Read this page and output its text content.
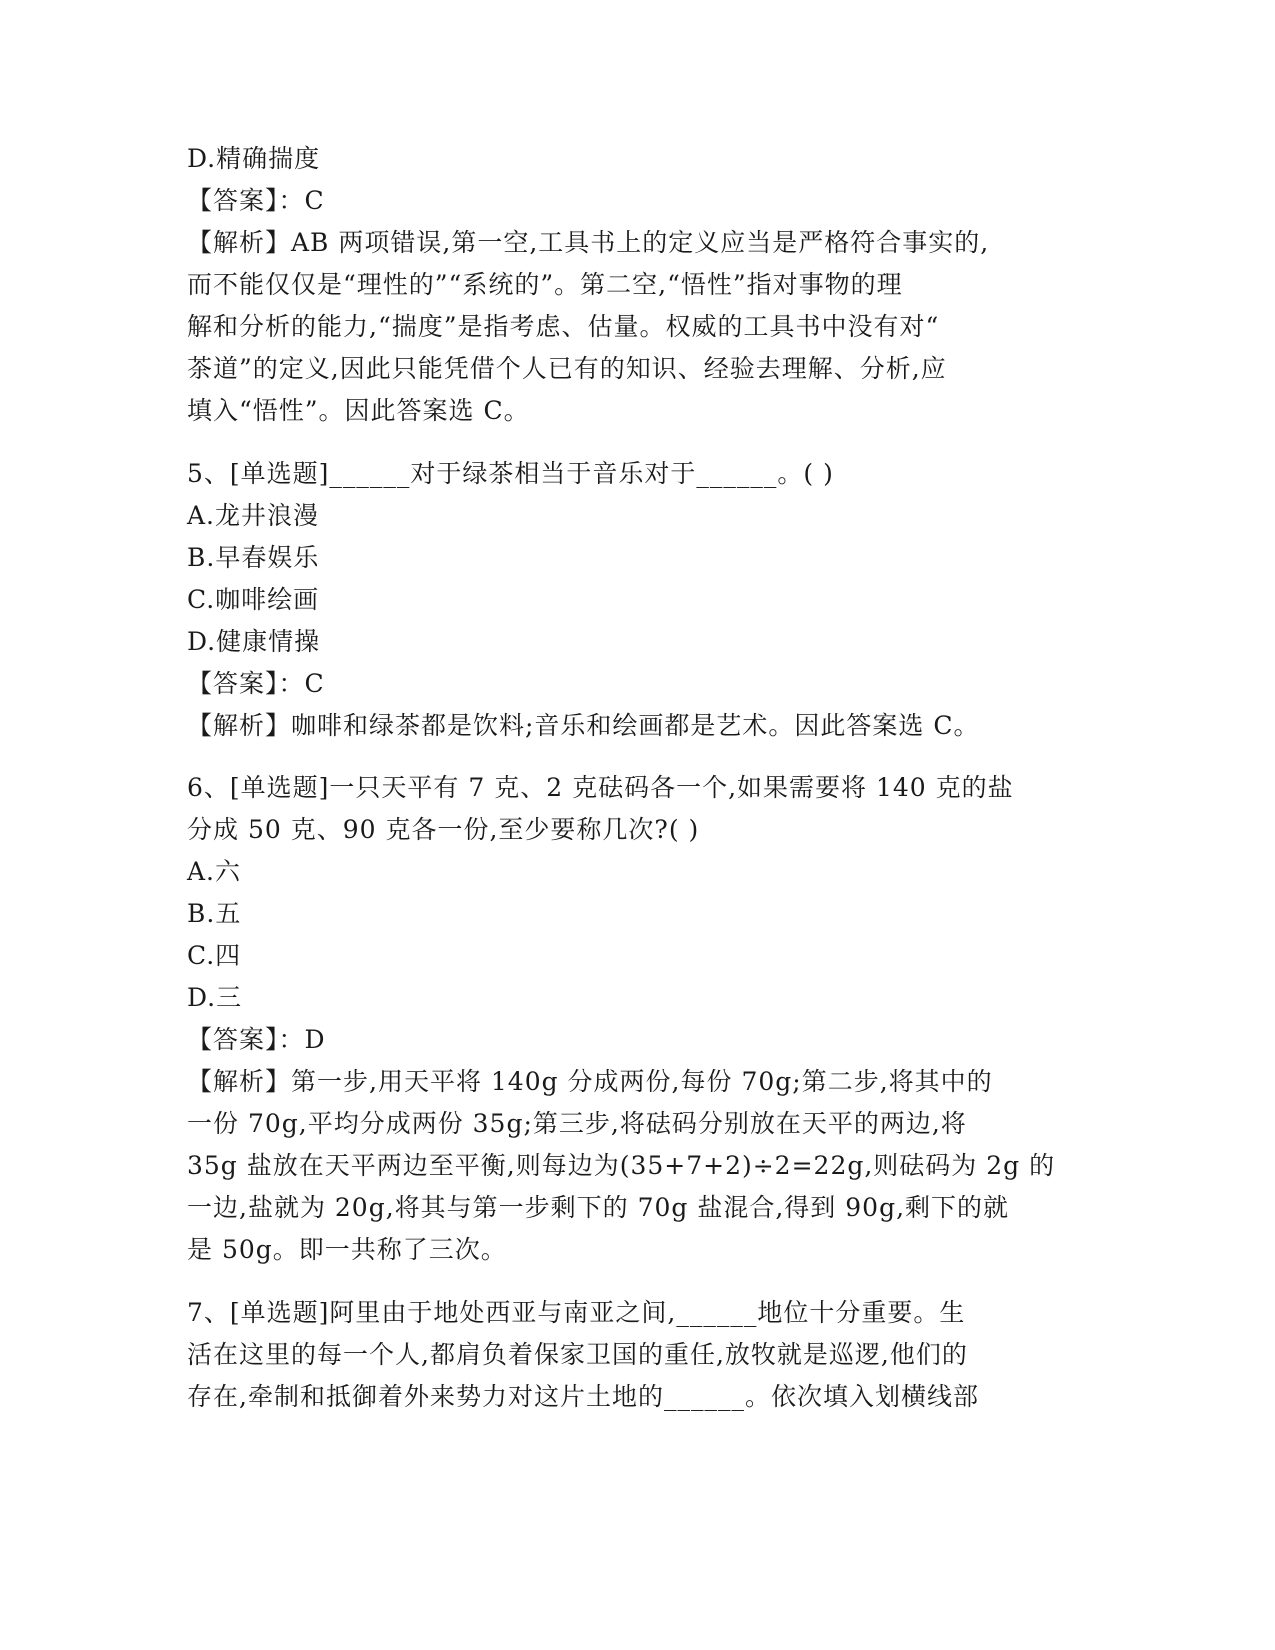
D.精确揣度
【答案】：C
【解析】AB 两项错误,第一空,工具书上的定义应当是严格符合事实的,
而不能仅仅是“理性的”“系统的”。第二空,“悟性”指对事物的理
解和分析的能力,“揣度”是指考虑、估量。权威的工具书中没有对“
茶道”的定义,因此只能凭借个人已有的知识、经验去理解、分析,应
填入“悟性”。因此答案选 C。
5、[单选题]______对于绿茶相当于音乐对于______。( )
A.龙井浪漫
B.早春娱乐
C.咖啡绘画
D.健康情操
【答案】：C
【解析】咖啡和绿茶都是饮料;音乐和绘画都是艺术。因此答案选 C。
6、[单选题]一只天平有 7 克、2 克砝码各一个,如果需要将 140 克的盐
分成 50 克、90 克各一份,至少要称几次?( )
A.六
B.五
C.四
D.三
【答案】：D
【解析】第一步,用天平将 140g 分成两份,每份 70g;第二步,将其中的
一份 70g,平均分成两份 35g;第三步,将砝码分别放在天平的两边,将
35g 盐放在天平两边至平衡,则每边为(35+7+2)÷2=22g,则砝码为 2g 的
一边,盐就为 20g,将其与第一步剩下的 70g 盐混合,得到 90g,剩下的就
是 50g。即一共称了三次。
7、[单选题]阿里由于地处西亚与南亚之间,______地位十分重要。生
活在这里的每一个人,都肩负着保家卫国的重任,放牧就是巡逻,他们的
存在,牵制和抵御着外来势力对这片土地的______。依次填入划横线部
